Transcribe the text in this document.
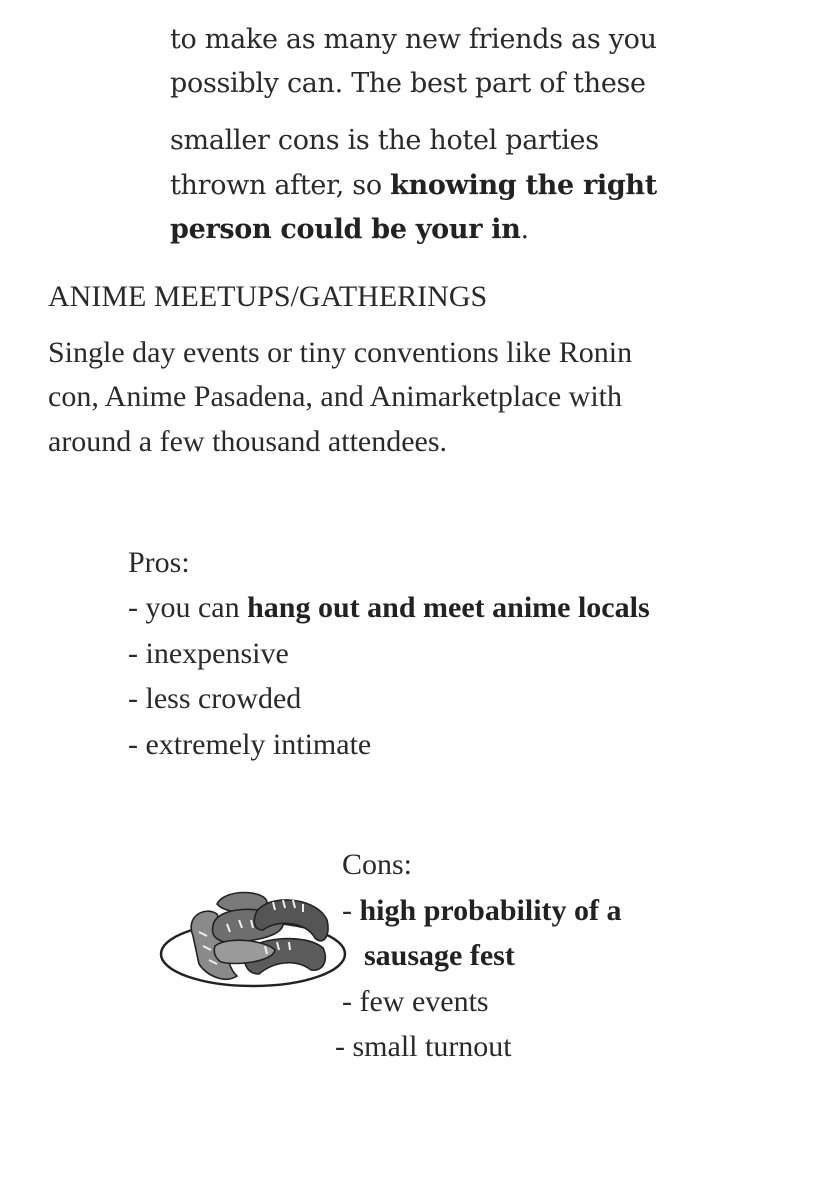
to make as many new friends as you
possibly can. The best part of these
smaller cons is the hotel parties
thrown after, so knowing the right
person could be your in.
ANIME MEETUPS/GATHERINGS
Single day events or tiny conventions like Ronin
con, Anime Pasadena, and Animarketplace with
around a few thousand attendees.
Pros:
- you can hang out and meet anime locals
- inexpensive
- less crowded
- extremely intimate
Cons:
- high probability of a
sausage fest
- few events
- small turnout
